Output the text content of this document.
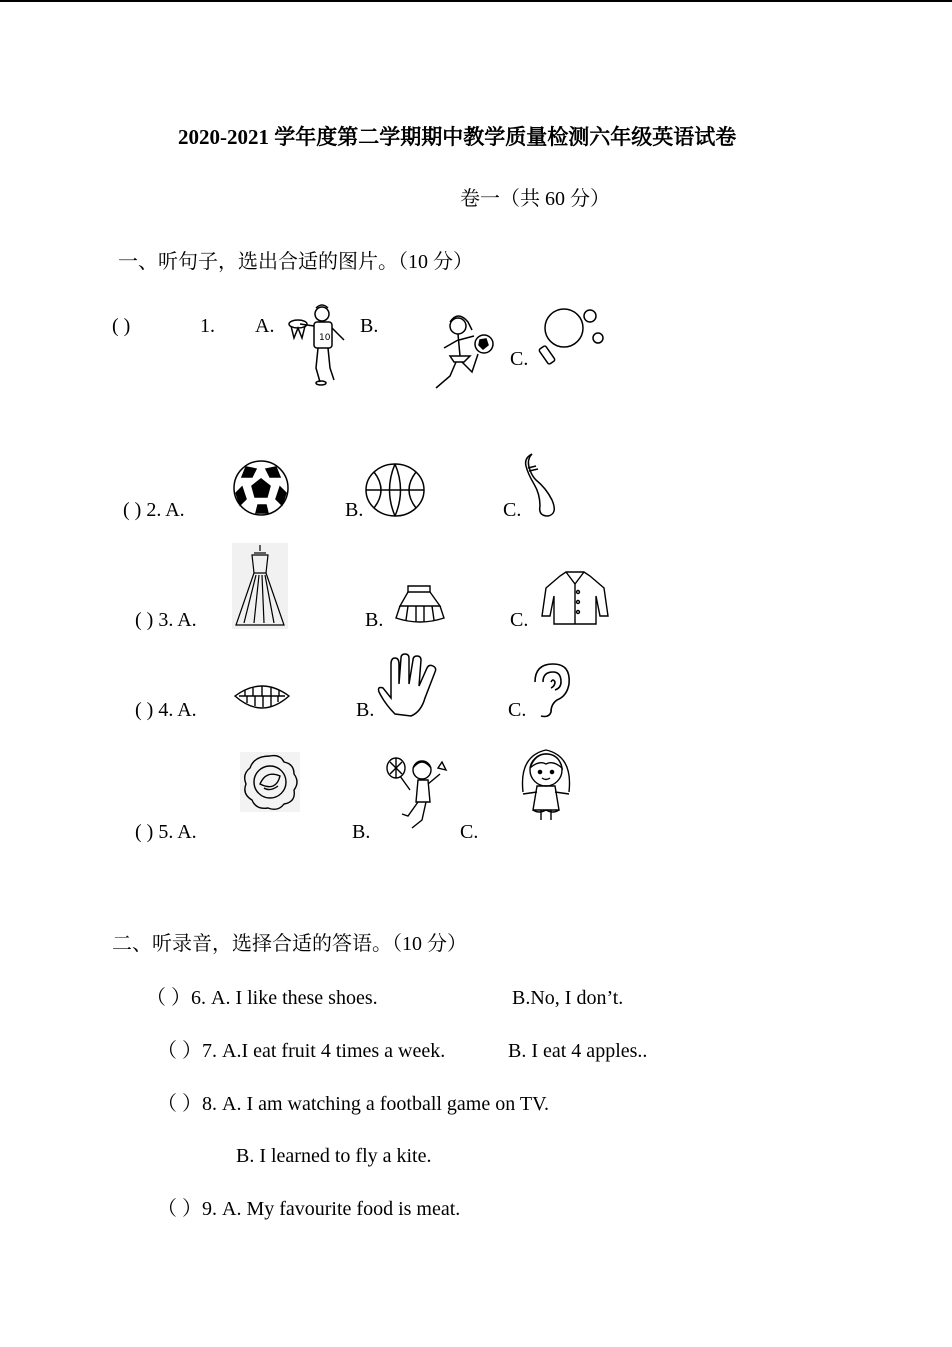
2020-2021 学年度第二学期期中教学质量检测六年级英语试卷
卷一（共 60 分）
一、听句子，选出合适的图片。（10 分）
( )	1. A.	B.
C.
10
( ) 2. A.	B.	C.
( ) 3. A.	B.	C.
( ) 4. A.	B.	C.
( ) 5. A.	B.	C.
二、听录音，选择合适的答语。（10 分）
（ ）6. A. I like these shoes.	B.No, I don’t.
（ ）7. A.I eat fruit 4 times a week.	B. I eat 4 apples..
（ ）8. A. I am watching a football game on TV.
B. I learned to fly a kite.
（ ）9. A. My favourite food is meat.
